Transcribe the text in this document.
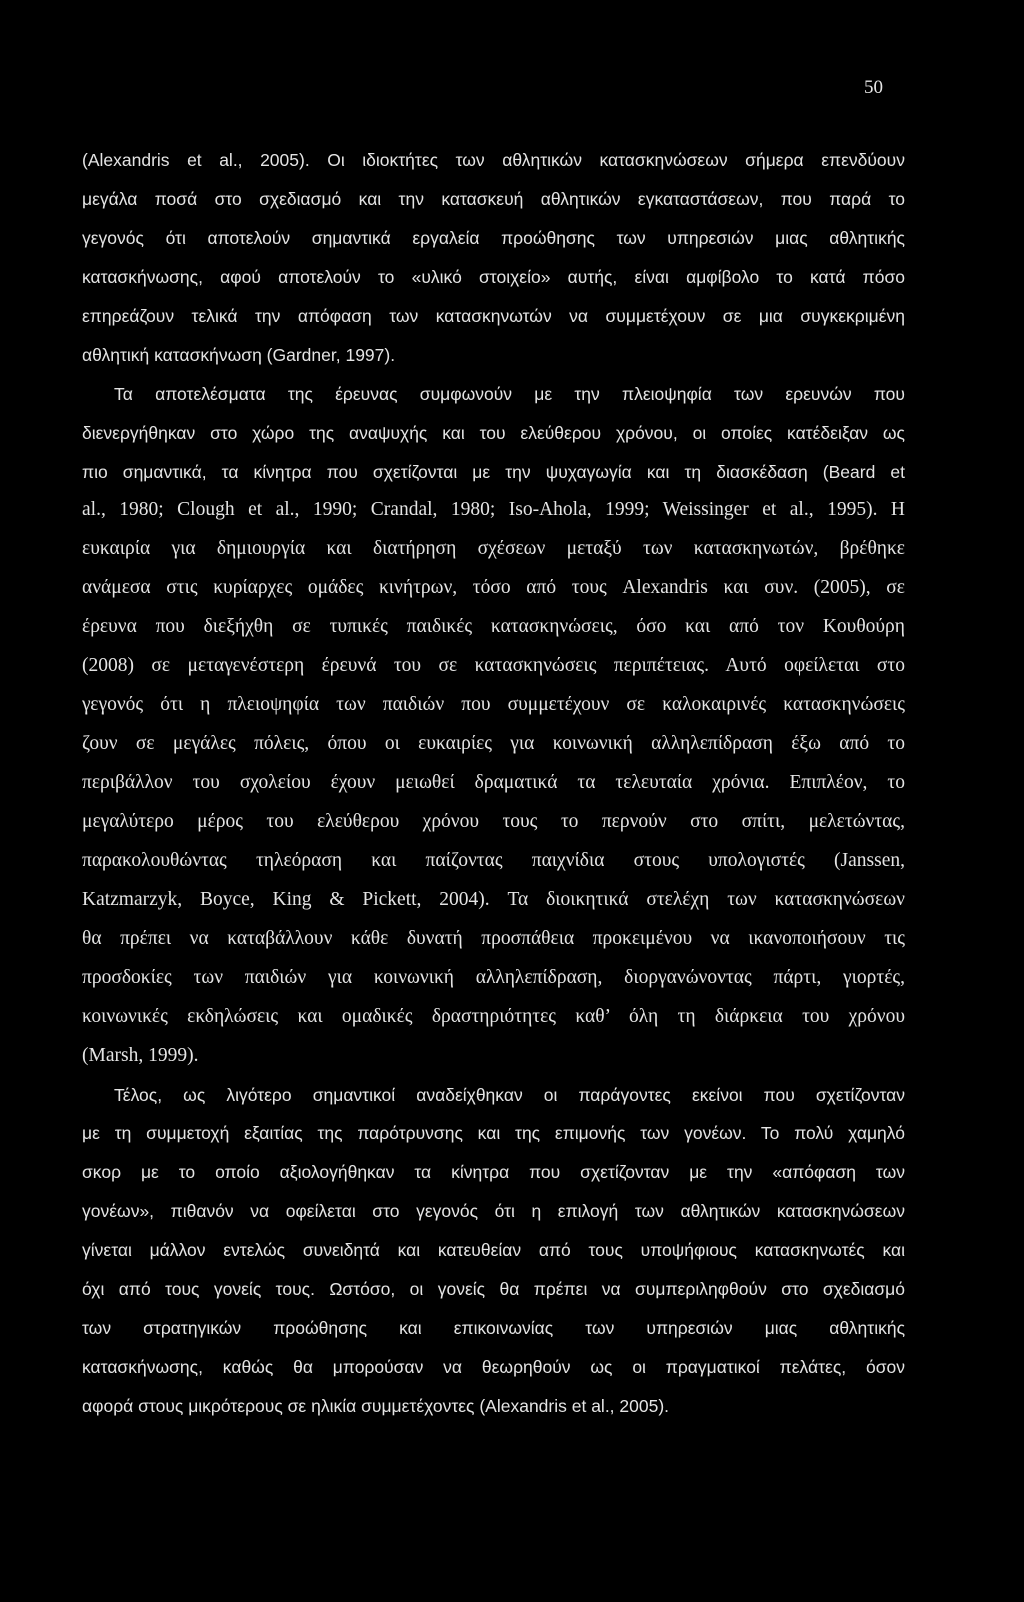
50
(Alexandris et al., 2005). Οι ιδιοκτήτες των αθλητικών κατασκηνώσεων σήμερα επενδύουν
μεγάλα ποσά στο σχεδιασμό και την κατασκευή αθλητικών εγκαταστάσεων, που παρά το
γεγονός ότι αποτελούν σημαντικά εργαλεία προώθησης των υπηρεσιών μιας αθλητικής
κατασκήνωσης, αφού αποτελούν το «υλικό στοιχείο» αυτής, είναι αμφίβολο το κατά πόσο
επηρεάζουν τελικά την απόφαση των κατασκηνωτών να συμμετέχουν σε μια συγκεκριμένη
αθλητική κατασκήνωση (Gardner, 1997).
Τα αποτελέσματα της έρευνας συμφωνούν με την πλειοψηφία των ερευνών που
διενεργήθηκαν στο χώρο της αναψυχής και του ελεύθερου χρόνου, οι οποίες κατέδειξαν ως
πιο σημαντικά, τα κίνητρα που σχετίζονται με την ψυχαγωγία και τη διασκέδαση (Beard et
al., 1980; Clough et al., 1990; Crandal, 1980; Iso-Ahola, 1999; Weissinger et al., 1995). Η
ευκαιρία για δημιουργία και διατήρηση σχέσεων μεταξύ των κατασκηνωτών, βρέθηκε
ανάμεσα στις κυρίαρχες ομάδες κινήτρων, τόσο από τους Alexandris και συν. (2005), σε
έρευνα που διεξήχθη σε τυπικές παιδικές κατασκηνώσεις, όσο και από τον Κουθούρη
(2008) σε μεταγενέστερη έρευνά του σε κατασκηνώσεις περιπέτειας. Αυτό οφείλεται στο
γεγονός ότι η πλειοψηφία των παιδιών που συμμετέχουν σε καλοκαιρινές κατασκηνώσεις
ζουν σε μεγάλες πόλεις, όπου οι ευκαιρίες για κοινωνική αλληλεπίδραση έξω από το
περιβάλλον του σχολείου έχουν μειωθεί δραματικά τα τελευταία χρόνια. Επιπλέον, το
μεγαλύτερο μέρος του ελεύθερου χρόνου τους το περνούν στο σπίτι, μελετώντας,
παρακολουθώντας τηλεόραση και παίζοντας παιχνίδια στους υπολογιστές (Janssen,
Katzmarzyk, Boyce, King & Pickett, 2004). Τα διοικητικά στελέχη των κατασκηνώσεων
θα πρέπει να καταβάλλουν κάθε δυνατή προσπάθεια προκειμένου να ικανοποιήσουν τις
προσδοκίες των παιδιών για κοινωνική αλληλεπίδραση, διοργανώνοντας πάρτι, γιορτές,
κοινωνικές εκδηλώσεις και ομαδικές δραστηριότητες καθ’ όλη τη διάρκεια του χρόνου
(Marsh, 1999).
Τέλος, ως λιγότερο σημαντικοί αναδείχθηκαν οι παράγοντες εκείνοι που σχετίζονταν
με τη συμμετοχή εξαιτίας της παρότρυνσης και της επιμονής των γονέων. Το πολύ χαμηλό
σκορ με το οποίο αξιολογήθηκαν τα κίνητρα που σχετίζονταν με την «απόφαση των
γονέων», πιθανόν να οφείλεται στο γεγονός ότι η επιλογή των αθλητικών κατασκηνώσεων
γίνεται μάλλον εντελώς συνειδητά και κατευθείαν από τους υποψήφιους κατασκηνωτές και
όχι από τους γονείς τους. Ωστόσο, οι γονείς θα πρέπει να συμπεριληφθούν στο σχεδιασμό
των στρατηγικών προώθησης και επικοινωνίας των υπηρεσιών μιας αθλητικής
κατασκήνωσης, καθώς θα μπορούσαν να θεωρηθούν ως οι πραγματικοί πελάτες, όσον
αφορά στους μικρότερους σε ηλικία συμμετέχοντες (Alexandris et al., 2005).
